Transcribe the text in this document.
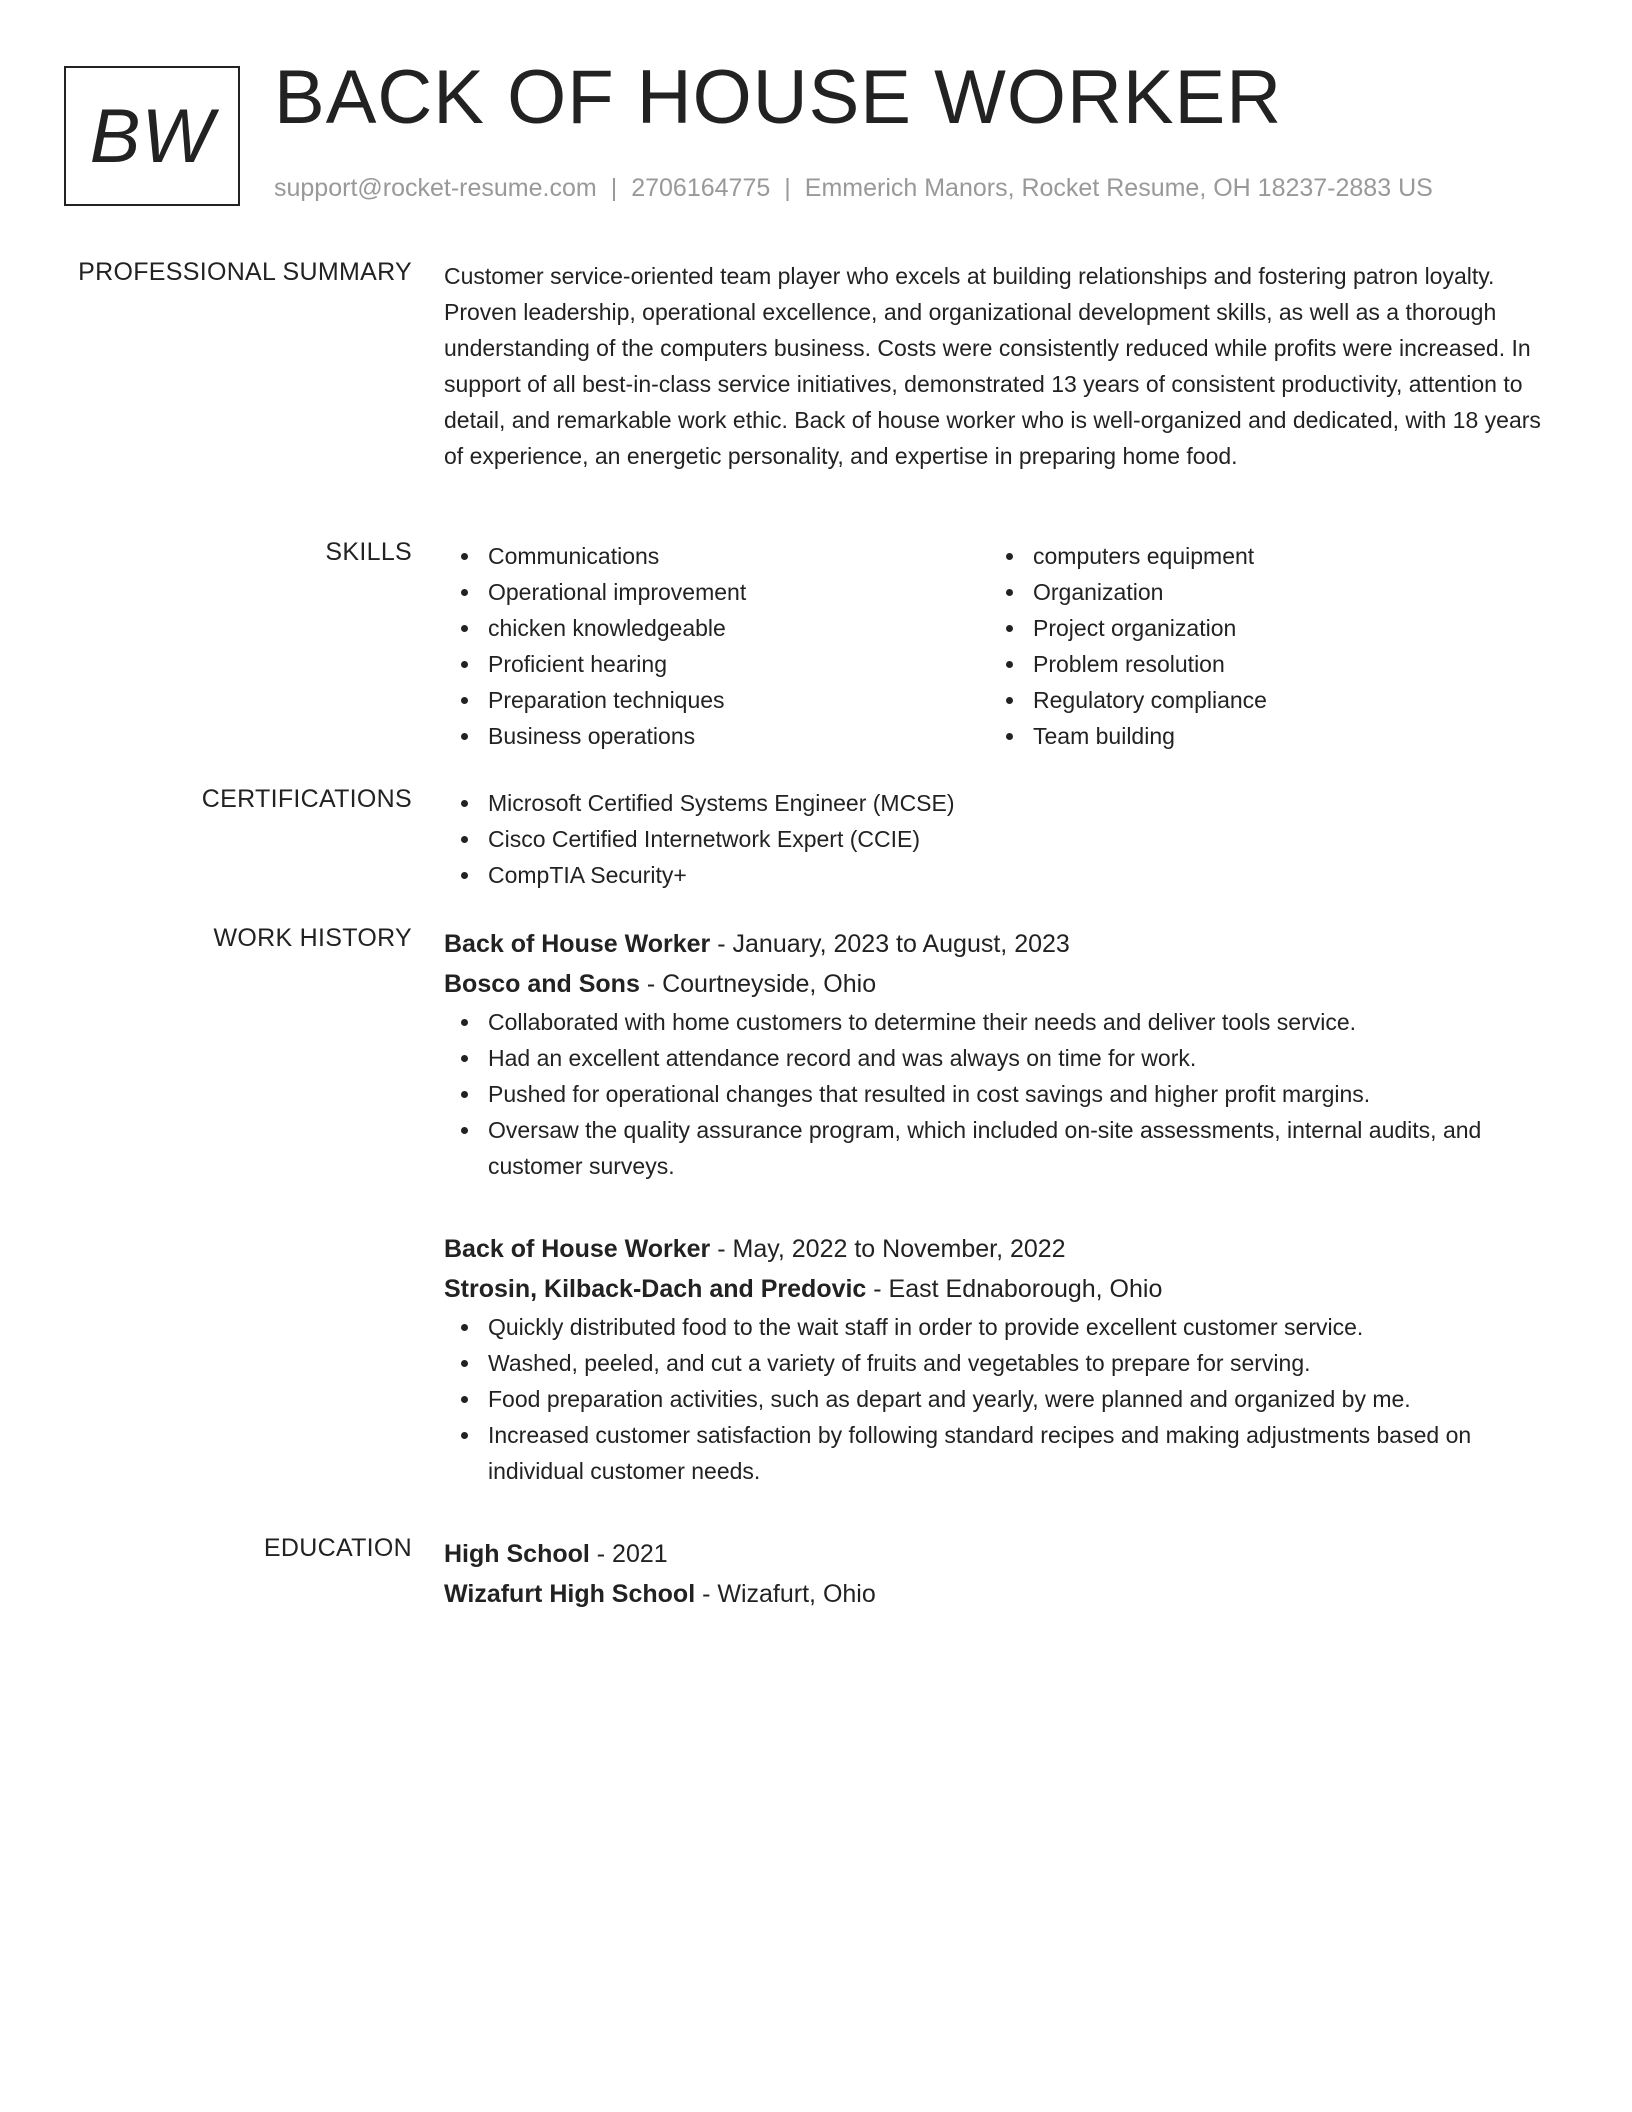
BW BACK OF HOUSE WORKER
support@rocket-resume.com | 2706164775 | Emmerich Manors, Rocket Resume, OH 18237-2883 US
PROFESSIONAL SUMMARY Customer service-oriented team player who excels at building relationships and fostering patron loyalty. Proven leadership, operational excellence, and organizational development skills, as well as a thorough understanding of the computers business. Costs were consistently reduced while profits were increased. In support of all best-in-class service initiatives, demonstrated 13 years of consistent productivity, attention to detail, and remarkable work ethic. Back of house worker who is well-organized and dedicated, with 18 years of experience, an energetic personality, and expertise in preparing home food.
SKILLS	Communications
Operational improvement
chicken knowledgeable
Proficient hearing
Preparation techniques
Business operations
computers equipment
Organization
Project organization
Problem resolution
Regulatory compliance
Team building
CERTIFICATIONS	Microsoft Certified Systems Engineer (MCSE)
Cisco Certified Internetwork Expert (CCIE)
CompTIA Security+
WORK HISTORY Back of House Worker - January, 2023 to August, 2023
Bosco and Sons - Courtneyside, Ohio
Collaborated with home customers to determine their needs and deliver tools service.
Had an excellent attendance record and was always on time for work.
Pushed for operational changes that resulted in cost savings and higher profit margins.
Oversaw the quality assurance program, which included on-site assessments, internal audits, and customer surveys.
Back of House Worker - May, 2022 to November, 2022
Strosin, Kilback-Dach and Predovic - East Ednaborough, Ohio
Quickly distributed food to the wait staff in order to provide excellent customer service.
Washed, peeled, and cut a variety of fruits and vegetables to prepare for serving.
Food preparation activities, such as depart and yearly, were planned and organized by me.
Increased customer satisfaction by following standard recipes and making adjustments based on individual customer needs.
EDUCATION High School - 2021
Wizafurt High School - Wizafurt, Ohio
